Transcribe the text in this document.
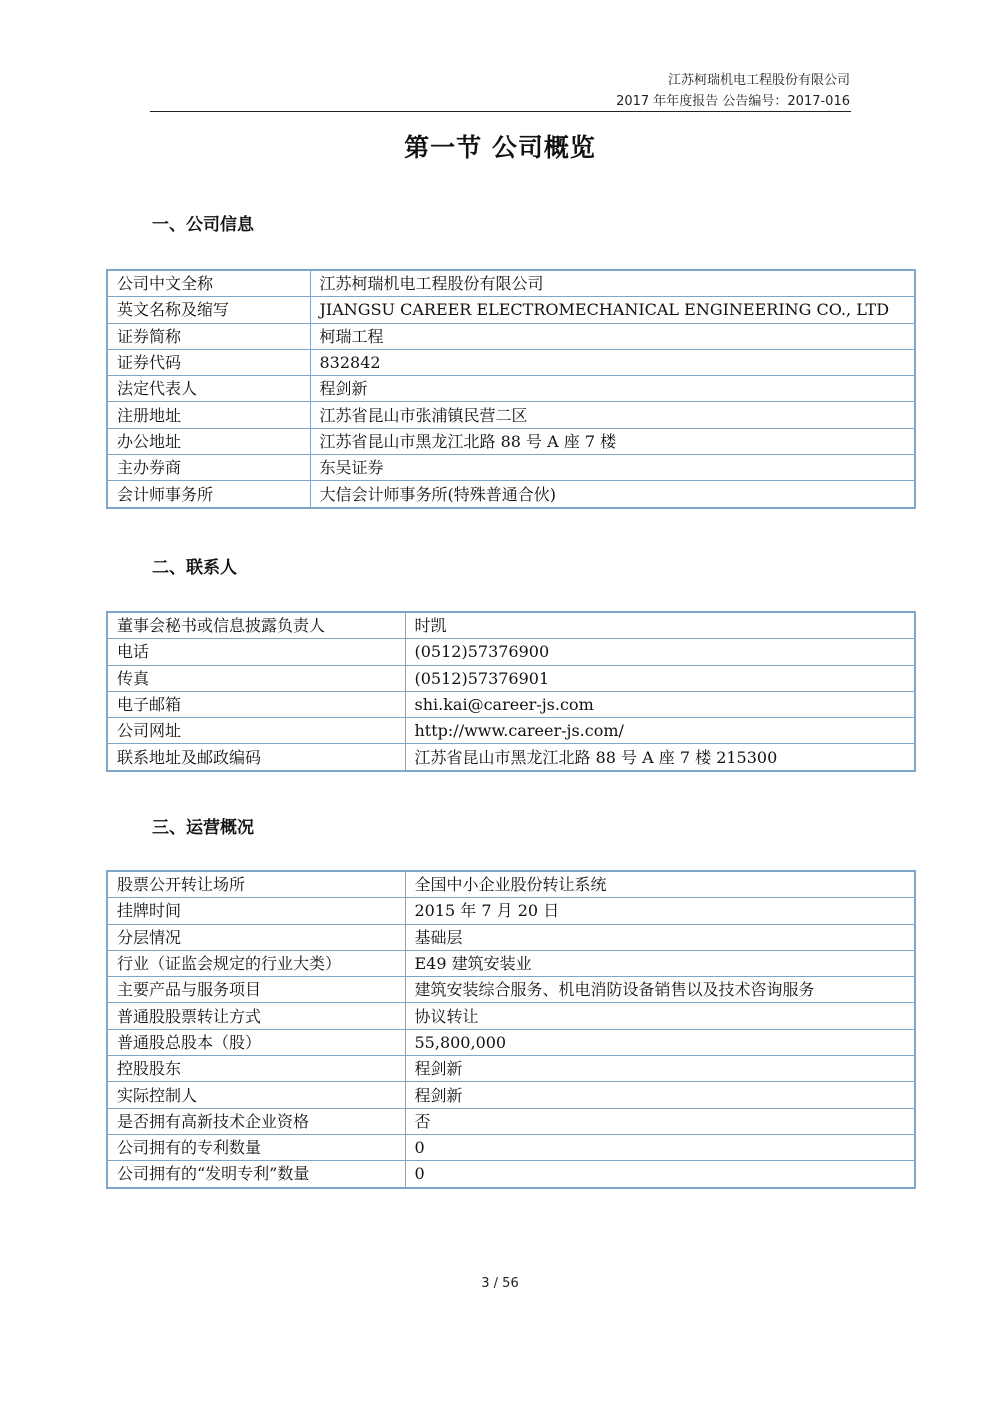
江苏柯瑞机电工程股份有限公司
2017 年年度报告 公告编号：2017-016
第一节 公司概览
一、公司信息
公司中文全称	江苏柯瑞机电工程股份有限公司
英文名称及缩写	JIANGSU CAREER ELECTROMECHANICAL ENGINEERING CO., LTD
证券简称	柯瑞工程
证券代码	832842
法定代表人	程剑新
注册地址	江苏省昆山市张浦镇民营二区
办公地址	江苏省昆山市黑龙江北路 88 号 A 座 7 楼
主办券商	东吴证券
会计师事务所	大信会计师事务所(特殊普通合伙)
二、联系人
董事会秘书或信息披露负责人	时凯
电话	(0512)57376900
传真	(0512)57376901
电子邮箱	shi.kai@career-js.com
公司网址	http://www.career-js.com/
联系地址及邮政编码	江苏省昆山市黑龙江北路 88 号 A 座 7 楼 215300
三、运营概况
股票公开转让场所	全国中小企业股份转让系统
挂牌时间	2015 年 7 月 20 日
分层情况	基础层
行业（证监会规定的行业大类）	E49 建筑安装业
主要产品与服务项目	建筑安装综合服务、机电消防设备销售以及技术咨询服务
普通股股票转让方式	协议转让
普通股总股本（股）	55,800,000
控股股东	程剑新
实际控制人	程剑新
是否拥有高新技术企业资格	否
公司拥有的专利数量	0
公司拥有的“发明专利”数量	0
3 / 56
